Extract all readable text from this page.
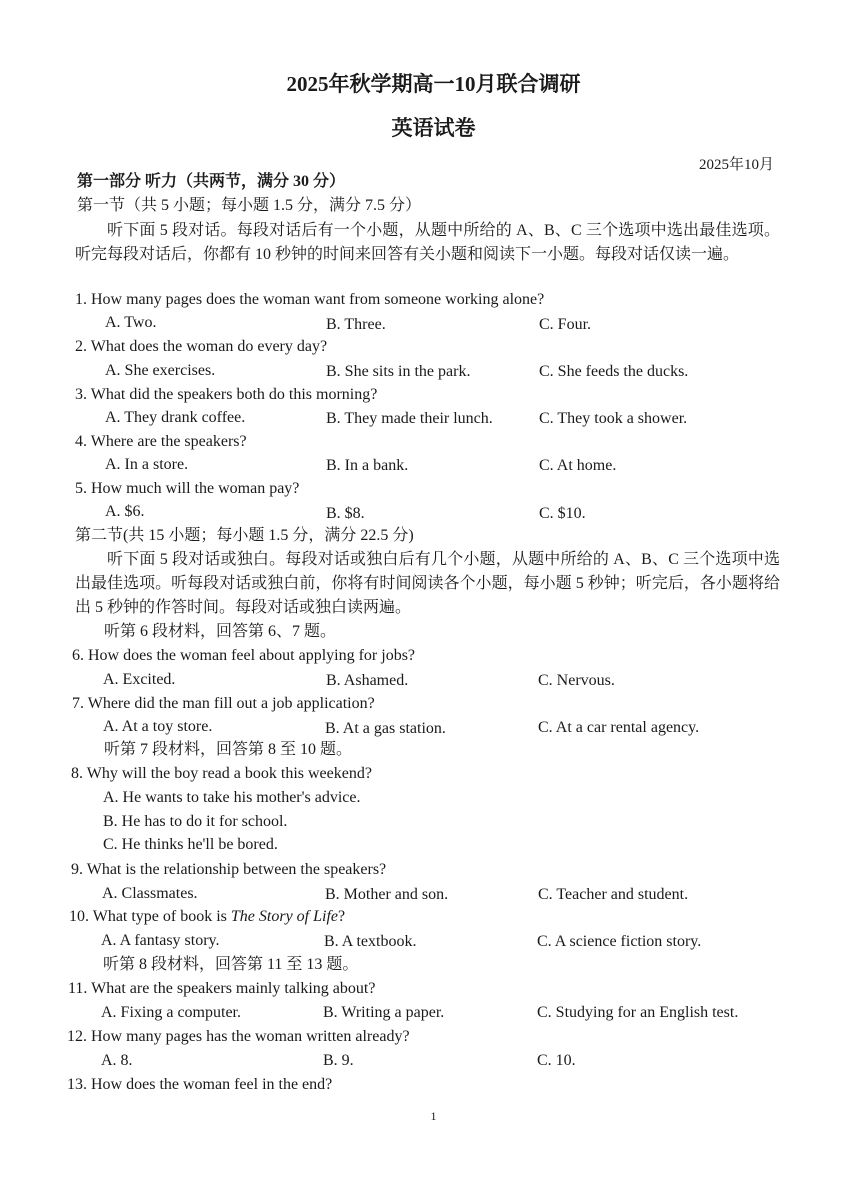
2025年秋学期高一10月联合调研
英语试卷
2025年10月
第一部分 听力（共两节，满分 30 分）
第一节（共 5 小题；每小题 1.5 分，满分 7.5 分）
听下面 5 段对话。每段对话后有一个小题，从题中所给的 A、B、C 三个选项中选出最佳选项。听完每段对话后，你都有 10 秒钟的时间来回答有关小题和阅读下一小题。每段对话仅读一遍。
1. How many pages does the woman want from someone working alone?
A. Two.	B. Three.	C. Four.
2. What does the woman do every day?
A. She exercises.	B. She sits in the park.	C. She feeds the ducks.
3. What did the speakers both do this morning?
A. They drank coffee.	B. They made their lunch.	C. They took a shower.
4. Where are the speakers?
A. In a store.	B. In a bank.	C. At home.
5. How much will the woman pay?
A. $6.	B. $8.	C. $10.
第二节(共 15 小题；每小题 1.5 分，满分 22.5 分)
听下面 5 段对话或独白。每段对话或独白后有几个小题，从题中所给的 A、B、C 三个选项中选出最佳选项。听每段对话或独白前，你将有时间阅读各个小题，每小题 5 秒钟；听完后，各小题将给出 5 秒钟的作答时间。每段对话或独白读两遍。
听第 6 段材料，回答第 6、7 题。
6. How does the woman feel about applying for jobs?
A. Excited.	B. Ashamed.	C. Nervous.
7. Where did the man fill out a job application?
A. At a toy store.	B. At a gas station.	C. At a car rental agency.
听第 7 段材料，回答第 8 至 10 题。
8. Why will the boy read a book this weekend?
A. He wants to take his mother's advice.
B. He has to do it for school.
C. He thinks he'll be bored.
9. What is the relationship between the speakers?
A. Classmates.	B. Mother and son.	C. Teacher and student.
10. What type of book is The Story of Life?
A. A fantasy story.	B. A textbook.	C. A science fiction story.
听第 8 段材料，回答第 11 至 13 题。
11. What are the speakers mainly talking about?
A. Fixing a computer.	B. Writing a paper.	C. Studying for an English test.
12. How many pages has the woman written already?
A. 8.	B. 9.	C. 10.
13. How does the woman feel in the end?
1
